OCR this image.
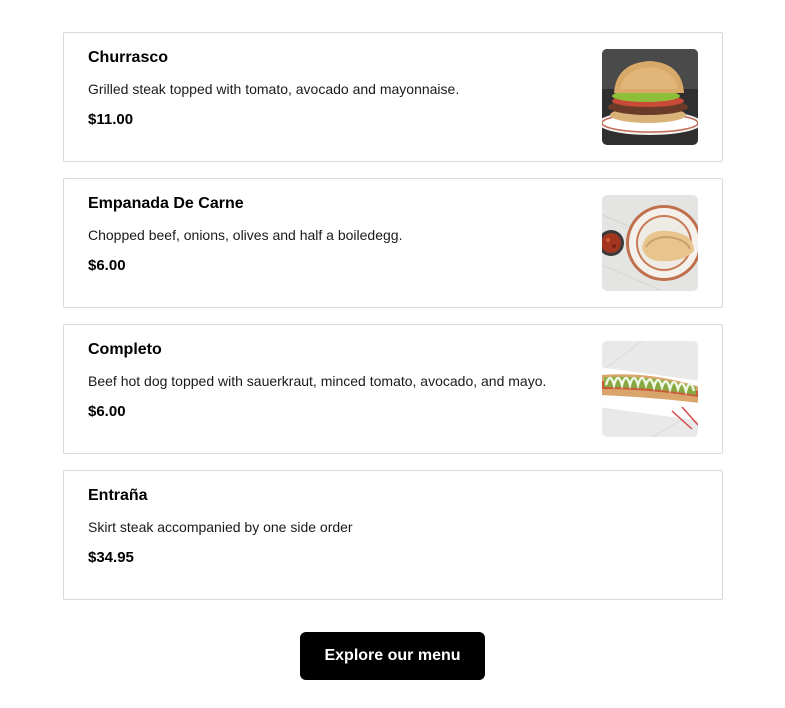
Churrasco
Grilled steak topped with tomato, avocado and mayonnaise.
$11.00
Empanada De Carne
Chopped beef, onions, olives and half a boiledegg.
$6.00
Completo
Beef hot dog topped with sauerkraut, minced tomato, avocado, and mayo.
$6.00
Entraña
Skirt steak accompanied by one side order
$34.95
Explore our menu
